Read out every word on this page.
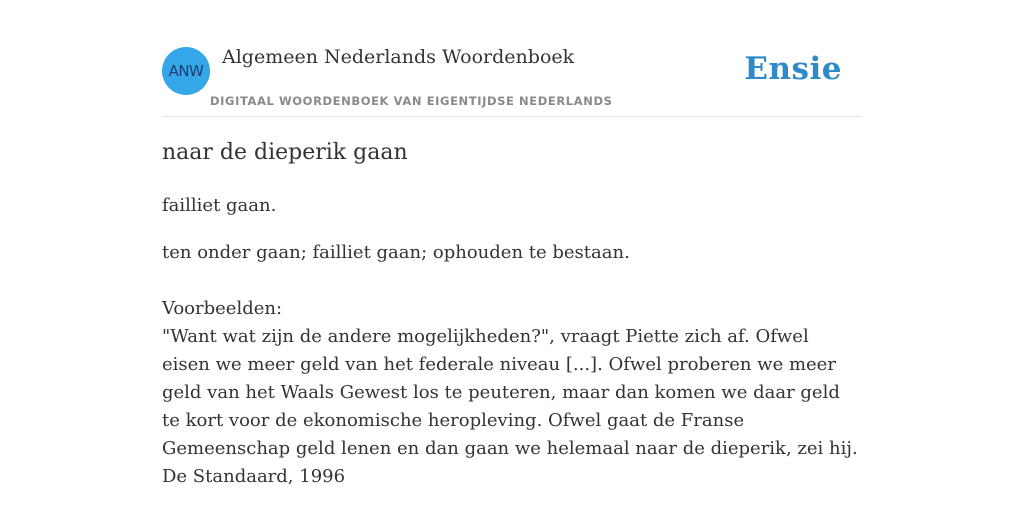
ANW
Algemeen Nederlands Woordenboek
DIGITAAL WOORDENBOEK VAN EIGENTIJDSE NEDERLANDS
Ensie
naar de dieperik gaan
failliet gaan.

ten onder gaan; failliet gaan; ophouden te bestaan.

Voorbeelden:

"Want wat zijn de andere mogelijkheden?", vraagt Piette zich af. Ofwel eisen we meer geld van het federale niveau [...]. Ofwel proberen we meer geld van het Waals Gewest los te peuteren, maar dan komen we daar geld te kort voor de ekonomische heropleving. Ofwel gaat de Franse Gemeenschap geld lenen en dan gaan we helemaal naar de dieperik, zei hij.

De Standaard, 1996
